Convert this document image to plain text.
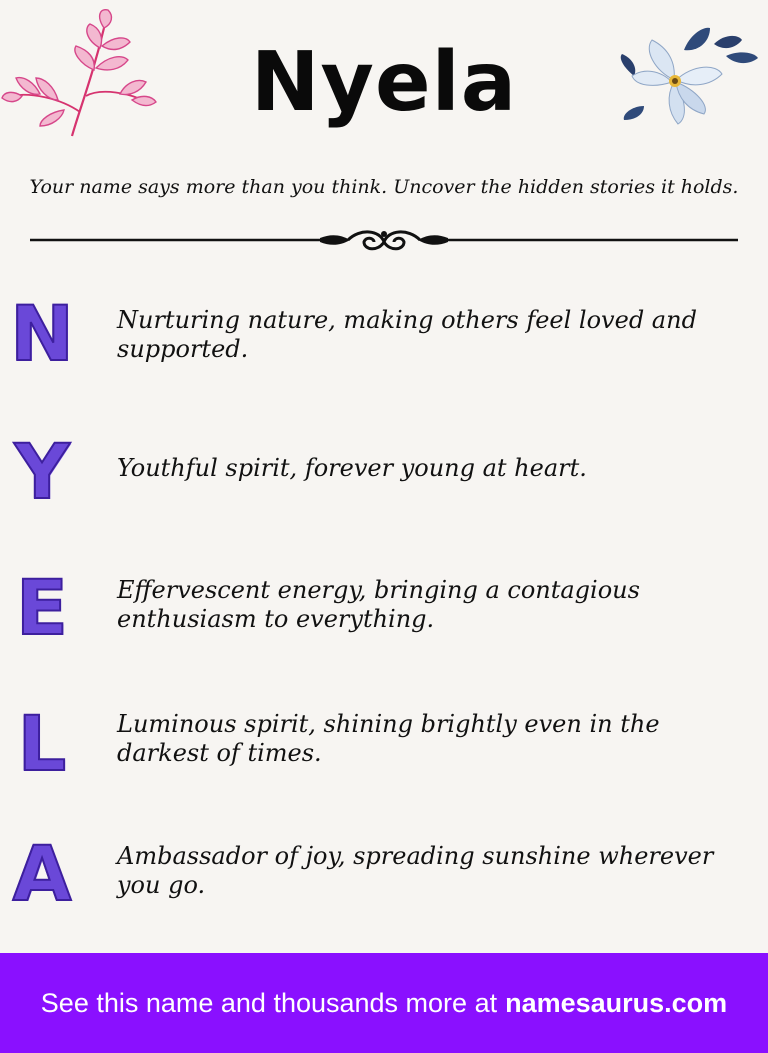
Nyela
Your name says more than you think. Uncover the hidden stories it holds.
N Nurturing nature, making others feel loved and supported.
Y Youthful spirit, forever young at heart.
E Effervescent energy, bringing a contagious enthusiasm to everything.
L	Luminous spirit, shining brightly even in the darkest of times.
A Ambassador of joy, spreading sunshine wherever you go.
See this name and thousands more at namesaurus.com
